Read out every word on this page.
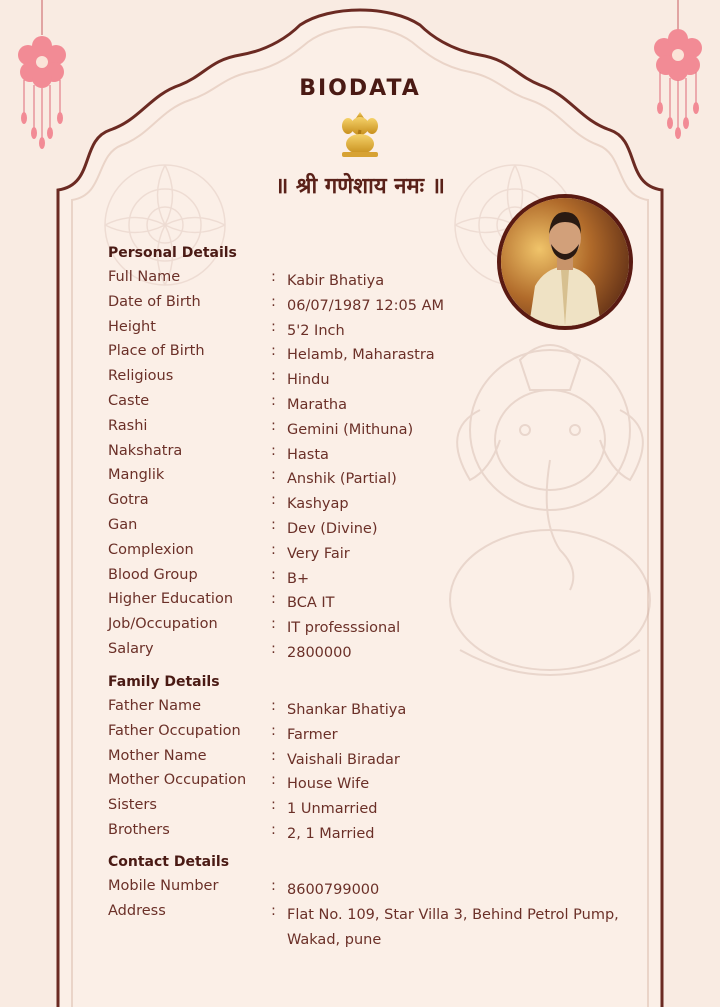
BIODATA
॥ श्री गणेशाय नमः ॥
Personal Details
Full Name	: Kabir Bhatiya
Date of Birth	: 06/07/1987 12:05 AM
Height	: 5'2 Inch
Place of Birth	: Helamb, Maharastra
Religious	: Hindu
Caste	: Maratha
Rashi	: Gemini (Mithuna)
Nakshatra	: Hasta
Manglik	: Anshik (Partial)
Gotra	: Kashyap
Gan	: Dev (Divine)
Complexion	: Very Fair
Blood Group	: B+
Higher Education	: BCA IT
Job/Occupation	: IT professsional
Salary	: 2800000
Family Details
Father Name	: Shankar Bhatiya
Father Occupation	: Farmer
Mother Name	: Vaishali Biradar
Mother Occupation	: House Wife
Sisters	: 1 Unmarried
Brothers	: 2, 1 Married
Contact Details
Mobile Number	: 8600799000
Address	: Flat No. 109, Star Villa 3, Behind Petrol Pump, Wakad, pune
